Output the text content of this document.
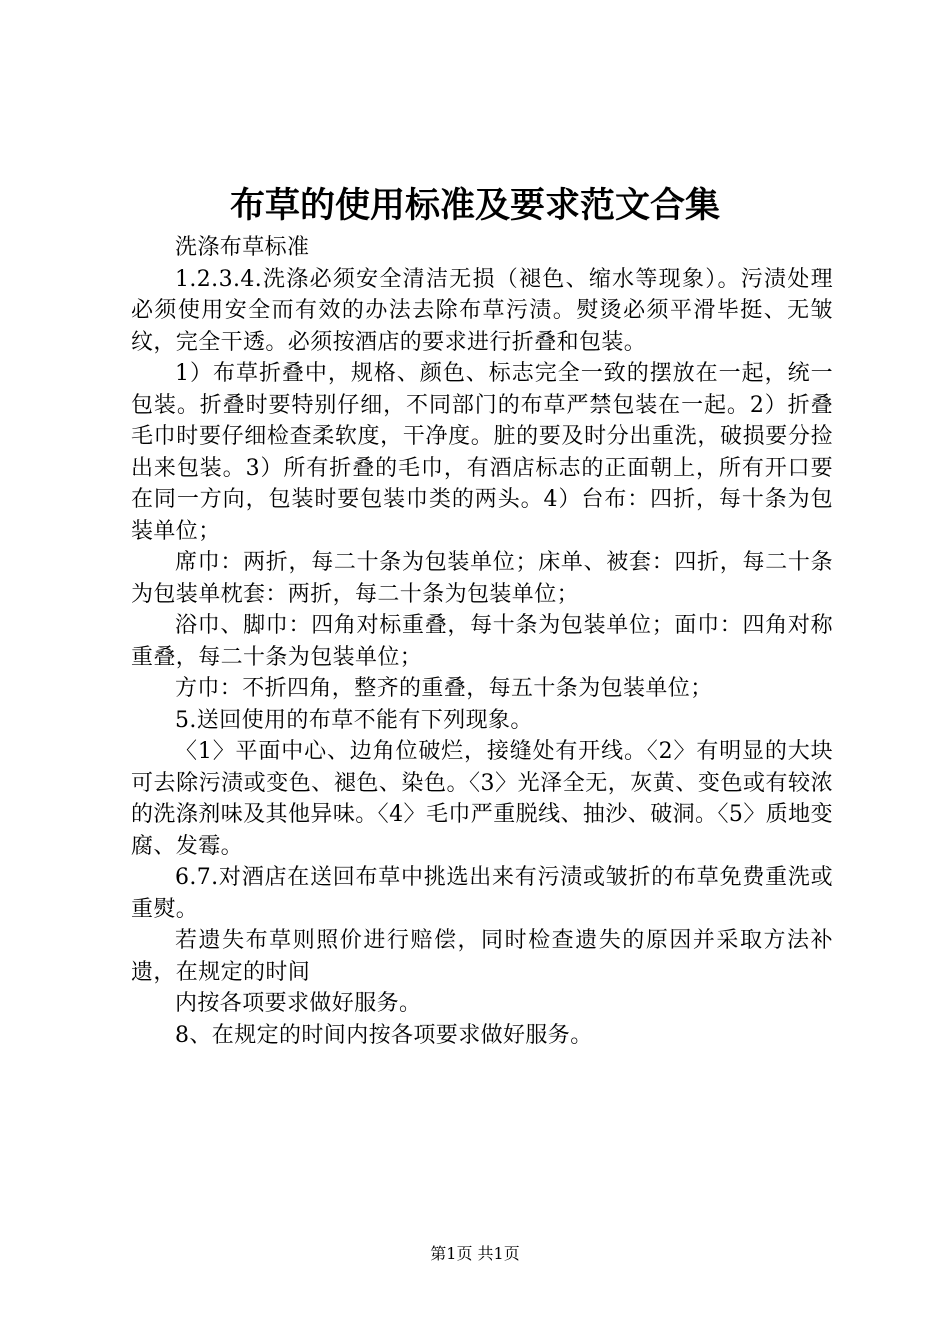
布草的使用标准及要求范文合集

洗涤布草标准

1.2.3.4.洗涤必须安全清洁无损（褪色、缩水等现象）。污渍处理必须使用安全而有效的办法去除布草污渍。熨烫必须平滑毕挺、无皱纹，完全干透。必须按酒店的要求进行折叠和包装。

1）布草折叠中，规格、颜色、标志完全一致的摆放在一起，统一包装。折叠时要特别仔细，不同部门的布草严禁包装在一起。2）折叠毛巾时要仔细检查柔软度，干净度。脏的要及时分出重洗，破损要分捡出来包装。3）所有折叠的毛巾，有酒店标志的正面朝上，所有开口要在同一方向，包装时要包装巾类的两头。4）台布：四折，每十条为包装单位；

席巾：两折，每二十条为包装单位；床单、被套：四折，每二十条为包装单枕套：两折，每二十条为包装单位；

浴巾、脚巾：四角对标重叠，每十条为包装单位；面巾：四角对称重叠，每二十条为包装单位；

方巾：不折四角，整齐的重叠，每五十条为包装单位；

5.送回使用的布草不能有下列现象。

〈1〉平面中心、边角位破烂，接缝处有开线。〈2〉有明显的大块可去除污渍或变色、褪色、染色。〈3〉光泽全无，灰黄、变色或有较浓的洗涤剂味及其他异味。〈4〉毛巾严重脱线、抽沙、破洞。〈5〉质地变腐、发霉。

6.7.对酒店在送回布草中挑选出来有污渍或皱折的布草免费重洗或重熨。

若遗失布草则照价进行赔偿，同时检查遗失的原因并采取方法补遗，在规定的时间

内按各项要求做好服务。

8、在规定的时间内按各项要求做好服务。

第1页 共1页
